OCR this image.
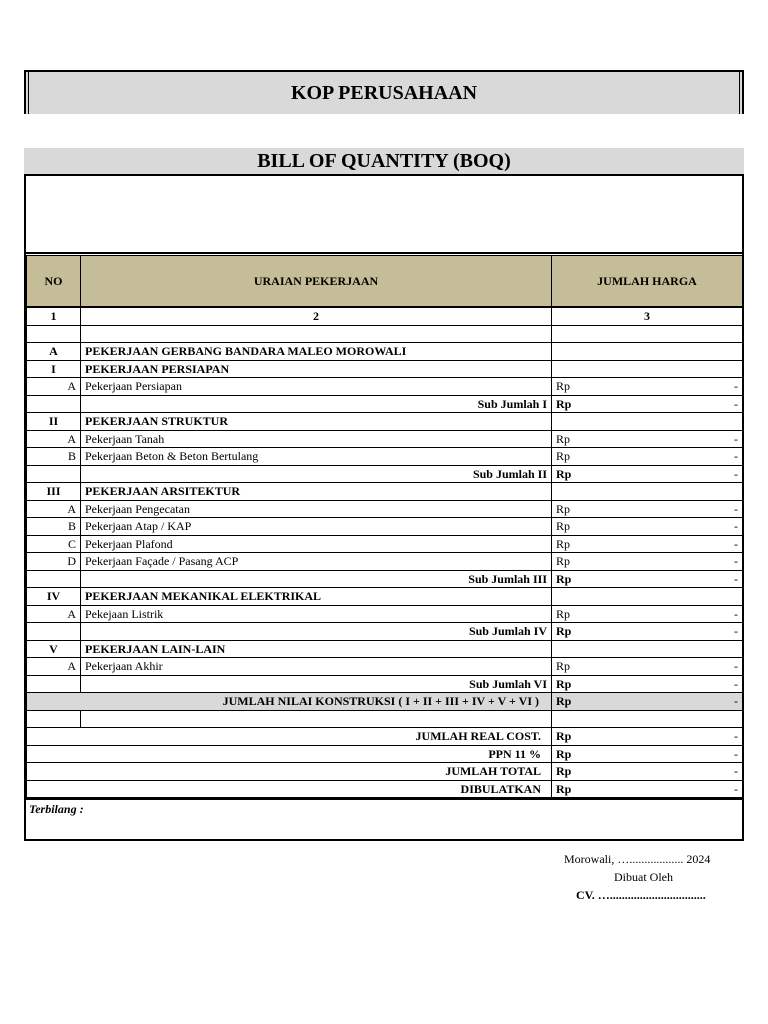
KOP PERUSAHAAN
BILL OF QUANTITY (BOQ)
NO	URAIAN PEKERJAAN	JUMLAH HARGA
1	2	3

A	PEKERJAAN GERBANG BANDARA MALEO MOROWALI	
I	PEKERJAAN PERSIAPAN	
A	Pekerjaan Persiapan	Rp -

	Sub Jumlah I	Rp -

II	PEKERJAAN STRUKTUR	
A	Pekerjaan Tanah	Rp -

B	Pekerjaan Beton & Beton Bertulang	Rp -

	Sub Jumlah II	Rp -

III	PEKERJAAN ARSITEKTUR	
A	Pekerjaan Pengecatan	Rp -

B	Pekerjaan Atap / KAP	Rp -

C	Pekerjaan Plafond	Rp -

D	Pekerjaan Façade / Pasang ACP	Rp -

	Sub Jumlah III	Rp -

IV	PEKERJAAN MEKANIKAL ELEKTRIKAL	
A	Pekejaan Listrik	Rp -

	Sub Jumlah IV	Rp -

V	PEKERJAAN LAIN-LAIN	
A	Pekerjaan Akhir	Rp -

	Sub Jumlah VI	Rp -

JUMLAH NILAI KONSTRUKSI ( I + II + III + IV + V + VI )		Rp -

JUMLAH REAL COST.		Rp -

PPN 11 %		Rp -

JUMLAH TOTAL		Rp -

DIBULATKAN		Rp -
Terbilang :
Morowali, ….................. 2024
Dibuat Oleh
CV. …................................
